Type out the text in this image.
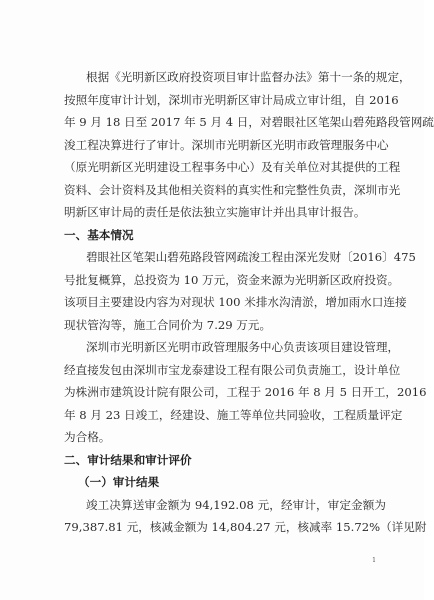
根据《光明新区政府投资项目审计监督办法》第十一条的规定，
按照年度审计计划，深圳市光明新区审计局成立审计组，自 2016
年 9 月 18 日至 2017 年 5 月 4 日，对碧眼社区笔架山碧苑路段管网疏
浚工程决算进行了审计。深圳市光明新区光明市政管理服务中心
（原光明新区光明建设工程事务中心）及有关单位对其提供的工程
资料、会计资料及其他相关资料的真实性和完整性负责，深圳市光
明新区审计局的责任是依法独立实施审计并出具审计报告。
一、基本情况
碧眼社区笔架山碧苑路段管网疏浚工程由深光发财〔2016〕475
号批复概算，总投资为 10 万元，资金来源为光明新区政府投资。
该项目主要建设内容为对现状 100 米排水沟清淤，增加雨水口连接
现状管沟等，施工合同价为 7.29 万元。
深圳市光明新区光明市政管理服务中心负责该项目建设管理，
经直接发包由深圳市宝龙泰建设工程有限公司负责施工，设计单位
为株洲市建筑设计院有限公司，工程于 2016 年 8 月 5 日开工，2016
年 8 月 23 日竣工，经建设、施工等单位共同验收，工程质量评定
为合格。
二、审计结果和审计评价
（一）审计结果
竣工决算送审金额为 94,192.08 元，经审计，审定金额为
79,387.81 元，核减金额为 14,804.27 元，核减率 15.72%（详见附
1
